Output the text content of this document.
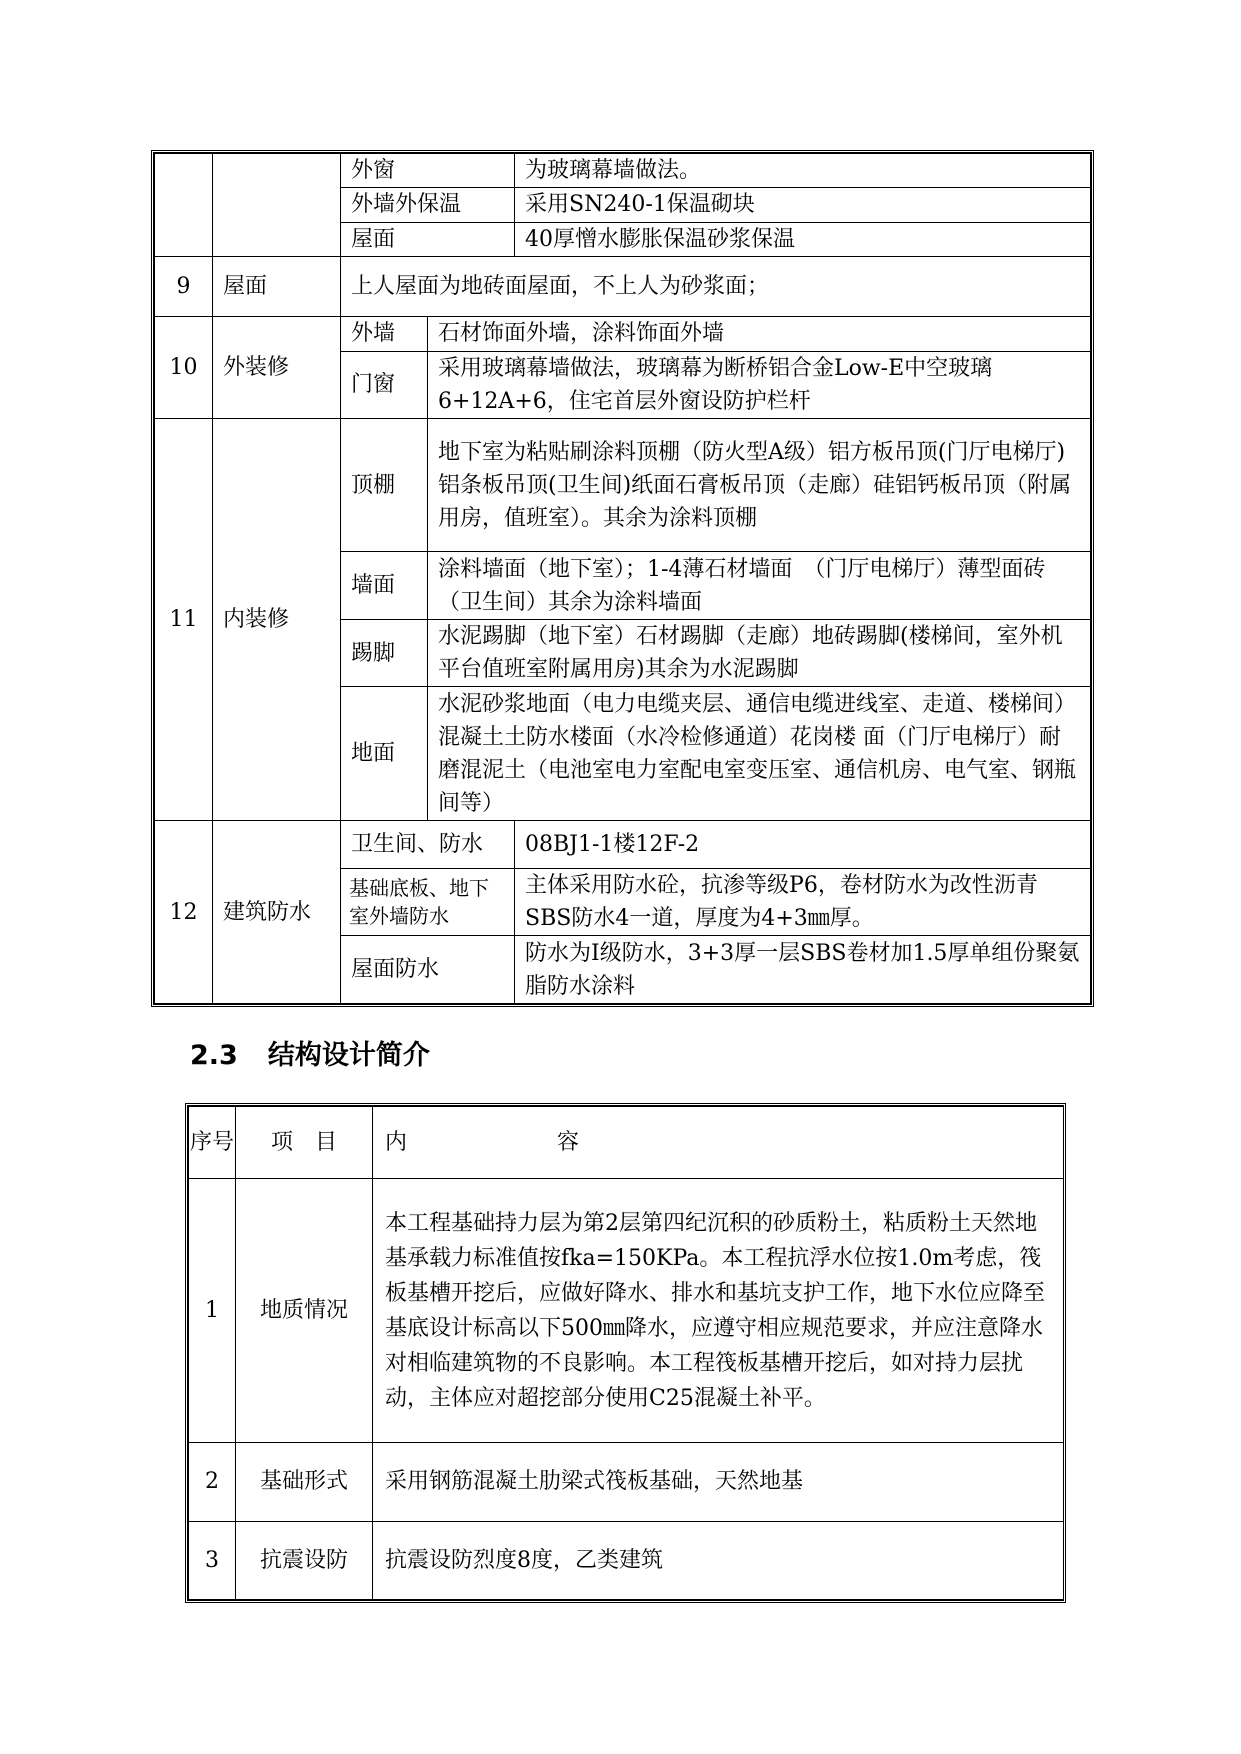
		外窗		为玻璃幕墙做法。
		外墙外保温		采用SN240-1保温砌块
		屋面		40厚憎水膨胀保温砂浆保温
9	屋面	上人屋面为地砖面屋面，不上人为砂浆面；		
10	外装修	外墙	石材饰面外墙，涂料饰面外墙	
		门窗	采用玻璃幕墙做法，玻璃幕为断桥铝合金Low-E中空玻璃6+12A+6，住宅首层外窗设防护栏杆	
11	内装修	顶棚	地下室为粘贴刷涂料顶棚（防火型A级）铝方板吊顶(门厅电梯厅)铝条板吊顶(卫生间)纸面石膏板吊顶（走廊）硅铝钙板吊顶（附属用房，值班室）。其余为涂料顶棚	
		墙面	涂料墙面（地下室）；1-4薄石材墙面　（门厅电梯厅）薄型面砖（卫生间）其余为涂料墙面	
		踢脚	水泥踢脚（地下室）石材踢脚（走廊）地砖踢脚(楼梯间，室外机平台值班室附属用房)其余为水泥踢脚	
		地面	水泥砂浆地面（电力电缆夹层、通信电缆进线室、走道、楼梯间）混凝土土防水楼面（水冷检修通道）花岗楼 面（门厅电梯厅）耐磨混泥土（电池室电力室配电室变压室、通信机房、电气室、钢瓶间等）	
12	建筑防水	卫生间、防水		08BJ1-1楼12F-2
		基础底板、地下室外墙防水		主体采用防水砼，抗渗等级P6，卷材防水为改性沥青SBS防水4一道，厚度为4+3㎜厚。
		屋面防水		防水为Ⅰ级防水，3+3厚一层SBS卷材加1.5厚单组份聚氨脂防水涂料
2.3 结构设计简介
序号	项　目	内 容
1	地质情况	本工程基础持力层为第2层第四纪沉积的砂质粉土，粘质粉土天然地基承载力标准值按fka=150KPa。本工程抗浮水位按1.0m考虑，筏板基槽开挖后，应做好降水、排水和基坑支护工作，地下水位应降至基底设计标高以下500㎜降水，应遵守相应规范要求，并应注意降水对相临建筑物的不良影响。本工程筏板基槽开挖后，如对持力层扰动，主体应对超挖部分使用C25混凝土补平。
2	基础形式	采用钢筋混凝土肋梁式筏板基础，天然地基
3	抗震设防	抗震设防烈度8度，乙类建筑
